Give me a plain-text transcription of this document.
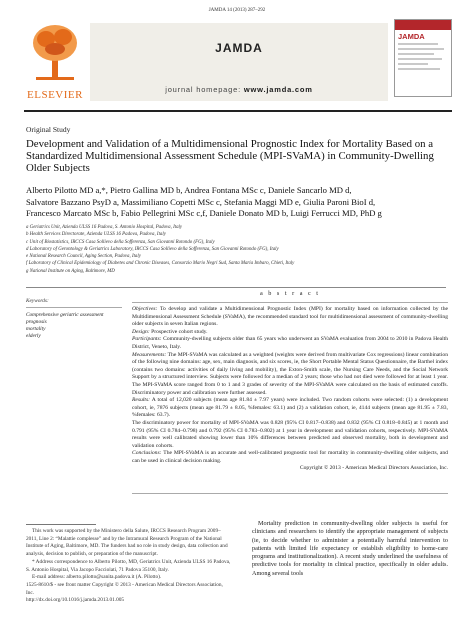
JAMDA 14 (2013) 287–292
ELSEVIER
JAMDA
journal homepage: www.jamda.com
JAMDA
Original Study
Development and Validation of a Multidimensional Prognostic Index for Mortality Based on a Standardized Multidimensional Assessment Schedule (MPI-SVaMA) in Community-Dwelling Older Subjects
Alberto Pilotto MD a,*, Pietro Gallina MD b, Andrea Fontana MSc c, Daniele Sancarlo MD d,
Salvatore Bazzano PsyD a, Massimiliano Copetti MSc c, Stefania Maggi MD e, Giulia Paroni BioI d,
Francesco Marcato MSc b, Fabio Pellegrini MSc c,f, Daniele Donato MD b, Luigi Ferrucci MD, PhD g
a Geriatrics Unit, Azienda ULSS 16 Padova, S. Antonio Hospital, Padova, Italy
b Health Services Directorate, Azienda ULSS 16 Padova, Padova, Italy
c Unit of Biostatistics, IRCCS Casa Sollievo della Sofferenza, San Giovanni Rotondo (FG), Italy
d Laboratory of Gerontology & Geriatrics Laboratory, IRCCS Casa Sollievo della Sofferenza, San Giovanni Rotondo (FG), Italy
e National Research Council, Aging Section, Padova, Italy
f Laboratory of Clinical Epidemiology of Diabetes and Chronic Diseases, Consorzio Mario Negri Sud, Santa Maria Imbaro, Chieti, Italy
g National Institute on Aging, Baltimore, MD
Keywords:
Comprehensive geriatric assessment
prognosis
mortality
elderly
a b s t r a c t

Objectives: To develop and validate a Multidimensional Prognostic Index (MPI) for mortality based on information collected by the Multidimensional Assessment Schedule (SVaMA), the recommended standard tool for multidimensional assessment of community-dwelling older subjects in seven Italian regions.

Design: Prospective cohort study.

Participants: Community-dwelling subjects older than 65 years who underwent an SVaMA evaluation from 2004 to 2010 in Padova Health District, Veneto, Italy.

Measurements: The MPI-SVaMA was calculated as a weighted (weights were derived from multivariate Cox regressions) linear combination of the following nine domains: age, sex, main diagnosis, and six scores, ie, the Short Portable Mental Status Questionnaire, the Barthel index (contains two domains: activities of daily living and mobility), the Exton-Smith scale, the Nursing Care Needs, and the Social Network Support by a structured interview. Subjects were followed for a median of 2 years; those who had not died were followed for at least 1 year. The MPI-SVaMA score ranged from 0 to 1 and 3 grades of severity of the MPI-SVaMA were calculated on the basis of estimated cutoffs. Discriminatory power and calibration were further assessed.

Results: A total of 12,020 subjects (mean age 81.84 ± 7.97 years) were included. Two random cohorts were selected: (1) a development cohort, ie, 7876 subjects (mean age 81.79 ± 8.05, %females: 63.1) and (2) a validation cohort, ie, 4144 subjects (mean age 81.95 ± 7.83, %females: 63.7).

The discriminatory power for mortality of MPI-SVaMA was 0.828 (95% CI 0.817–0.838) and 0.832 (95% CI 0.818–0.845) at 1 month and 0.791 (95% CI 0.784–0.798) and 0.792 (95% CI 0.783–0.802) at 1 year in development and validation cohorts, respectively. MPI-SVaMA results were well calibrated showing lower than 10% differences between predicted and observed mortality, both in development and validation cohorts.

Conclusions: The MPI-SVaMA is an accurate and well-calibrated prognostic tool for mortality in community-dwelling older subjects, and can be used in clinical decision making.

Copyright © 2013 - American Medical Directors Association, Inc.

This work was supported by the Ministero della Salute, IRCCS Research Program 2009–2011, Line 2: “Malattie complesse” and by the Intramural Research Program of the National Institute of Aging, Baltimore, MD. The funders had no role in study design, data collection and analysis, decision to publish, or preparation of the manuscript.

* Address correspondence to Alberto Pilotto, MD, Geriatrics Unit, Azienda ULSS 16 Padova, S. Antonio Hospital, Via Jacopo Facciolati, 71 Padova 35100, Italy.

E-mail address: alberto.pilotto@sanita.padova.it (A. Pilotto).

1525-8610/$ - see front matter Copyright © 2013 - American Medical Directors Association, Inc.

http://dx.doi.org/10.1016/j.jamda.2013.01.005

Mortality prediction in community-dwelling older subjects is useful for clinicians and researchers to identify the appropriate management of subjects (ie, to decide whether to administer a potentially harmful intervention to patients with limited life expectancy or establish eligibility to home-care programs and institutionalization). A recent study underlined the usefulness of predictive tools for mortality in clinical practice, specifically in older adults. Among several tools
